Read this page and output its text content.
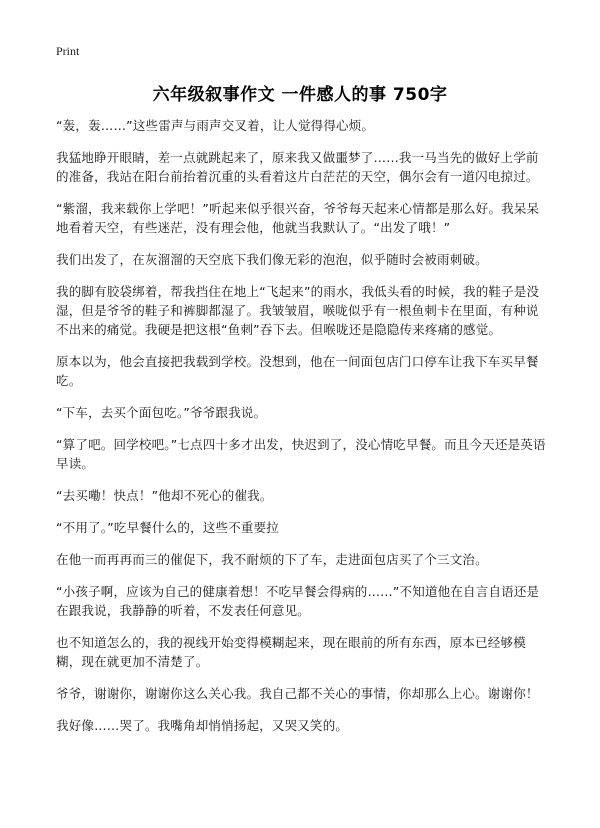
Print
六年级叙事作文 一件感人的事 750字

“轰，轰……”这些雷声与雨声交叉着，让人觉得得心烦。

我猛地睁开眼睛，差一点就跳起来了，原来我又做噩梦了……我一马当先的做好上学前的准备，我站在阳台前抬着沉重的头看着这片白茫茫的天空，偶尔会有一道闪电掠过。

“紫溜，我来载你上学吧！”听起来似乎很兴奋，爷爷每天起来心情都是那么好。我呆呆地看着天空，有些迷茫，没有理会他，他就当我默认了。“出发了哦！”

我们出发了，在灰溜溜的天空底下我们像无彩的泡泡，似乎随时会被雨刺破。

我的脚有胶袋绑着，帮我挡住在地上“飞起来”的雨水，我低头看的时候，我的鞋子是没湿，但是爷爷的鞋子和裤脚都湿了。我皱皱眉，喉咙似乎有一根鱼刺卡在里面，有种说不出来的痛觉。我硬是把这根“鱼刺”吞下去。但喉咙还是隐隐传来疼痛的感觉。

原本以为，他会直接把我载到学校。没想到，他在一间面包店门口停车让我下车买早餐吃。

“下车，去买个面包吃。”爷爷跟我说。

“算了吧。回学校吧。”七点四十多才出发，快迟到了，没心情吃早餐。而且今天还是英语早读。

“去买嘞！快点！”他却不死心的催我。

“不用了。”吃早餐什么的，这些不重要拉

在他一而再再而三的催促下，我不耐烦的下了车，走进面包店买了个三文治。

“小孩子啊，应该为自己的健康着想！不吃早餐会得病的……”不知道他在自言自语还是在跟我说，我静静的听着，不发表任何意见。

也不知道怎么的，我的视线开始变得模糊起来，现在眼前的所有东西，原本已经够模糊，现在就更加不清楚了。

爷爷，谢谢你，谢谢你这么关心我。我自己都不关心的事情，你却那么上心。谢谢你！

我好像……哭了。我嘴角却悄悄扬起，又哭又笑的。
